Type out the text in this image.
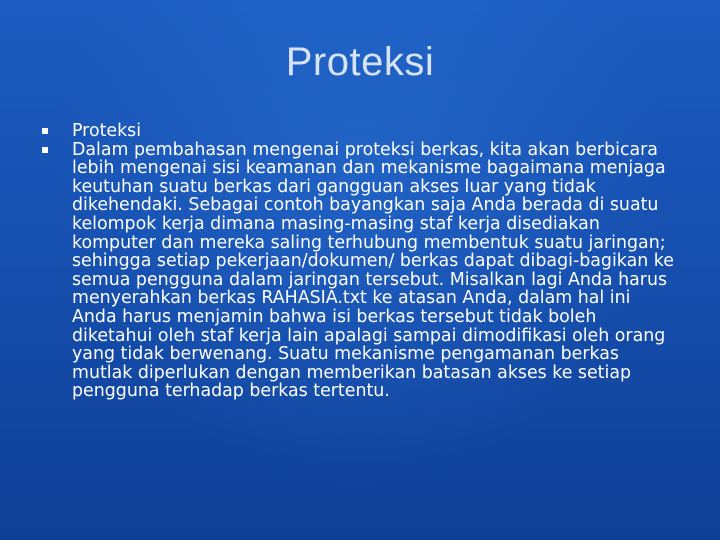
Proteksi
Proteksi
Dalam pembahasan mengenai proteksi berkas, kita akan berbicara lebih mengenai sisi keamanan dan mekanisme bagaimana menjaga keutuhan suatu berkas dari gangguan akses luar yang tidak dikehendaki. Sebagai contoh bayangkan saja Anda berada di suatu kelompok kerja dimana masing-masing staf kerja disediakan komputer dan mereka saling terhubung membentuk suatu jaringan; sehingga setiap pekerjaan/dokumen/ berkas dapat dibagi-bagikan ke semua pengguna dalam jaringan tersebut. Misalkan lagi Anda harus menyerahkan berkas RAHASIA.txt ke atasan Anda, dalam hal ini Anda harus menjamin bahwa isi berkas tersebut tidak boleh diketahui oleh staf kerja lain apalagi sampai dimodifikasi oleh orang yang tidak berwenang. Suatu mekanisme pengamanan berkas mutlak diperlukan dengan memberikan batasan akses ke setiap pengguna terhadap berkas tertentu.
